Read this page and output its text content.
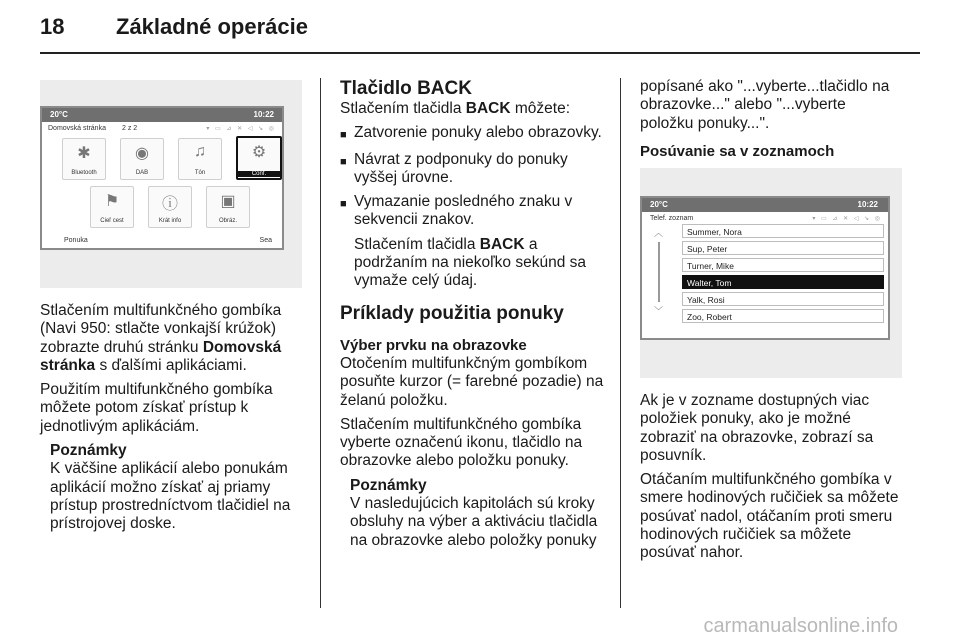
18 Základné operácie
20°C	10:22
Domovská stránka 2 z 2	▾ ▭ ⊿ ✕ ◁ ↘ ◎
✱
Bluetooth
◉
DAB
♫
Tón
⚙
Conf.
⚑
Cieľ cest
ⓘ
Krát info
▣
Obráz.
Ponuka	Sea

Stlačením multifunkčného gombíka (Navi 950: stlačte vonkajší krúžok) zobrazte druhú stránku Domovská stránka s ďalšími aplikáciami.

Použitím multifunkčného gombíka môžete potom získať prístup k jednotlivým aplikáciám.

Poznámky
K väčšine aplikácií alebo ponukám aplikácií možno získať aj priamy prístup prostredníctvom tlačidiel na prístrojovej doske.
Tlačidlo BACK

Stlačením tlačidla BACK môžete:

■ Zatvorenie ponuky alebo obrazovky.
■ Návrat z podponuky do ponuky vyššej úrovne.
■ Vymazanie posledného znaku v sekvencii znakov.

Stlačením tlačidla BACK a podržaním na niekoľko sekúnd sa vymaže celý údaj.

Príklady použitia ponuky
Výber prvku na obrazovke

Otočením multifunkčným gombíkom posuňte kurzor (= farebné pozadie) na želanú položku.

Stlačením multifunkčného gombíka vyberte označenú ikonu, tlačidlo na obrazovke alebo položku ponuky.

Poznámky
V nasledujúcich kapitolách sú kroky obsluhy na výber a aktiváciu tlačidla na obrazovke alebo položky ponuky

popísané ako "...vyberte...tlačidlo na obrazovke..." alebo "...vyberte položku ponuky...".

Posúvanie sa v zoznamoch
20°C	10:22
Telef. zoznam	▾ ▭ ⊿ ✕ ◁ ↘ ◎
︿
﹀
Summer, Nora
Sup, Peter
Turner, Mike
Walter, Tom
Yalk, Rosi
Zoo, Robert

Ak je v zozname dostupných viac položiek ponuky, ako je možné zobraziť na obrazovke, zobrazí sa posuvník.

Otáčaním multifunkčného gombíka v smere hodinových ručičiek sa môžete posúvať nadol, otáčaním proti smeru hodinových ručičiek sa môžete posúvať nahor.

carmanualsonline.info
